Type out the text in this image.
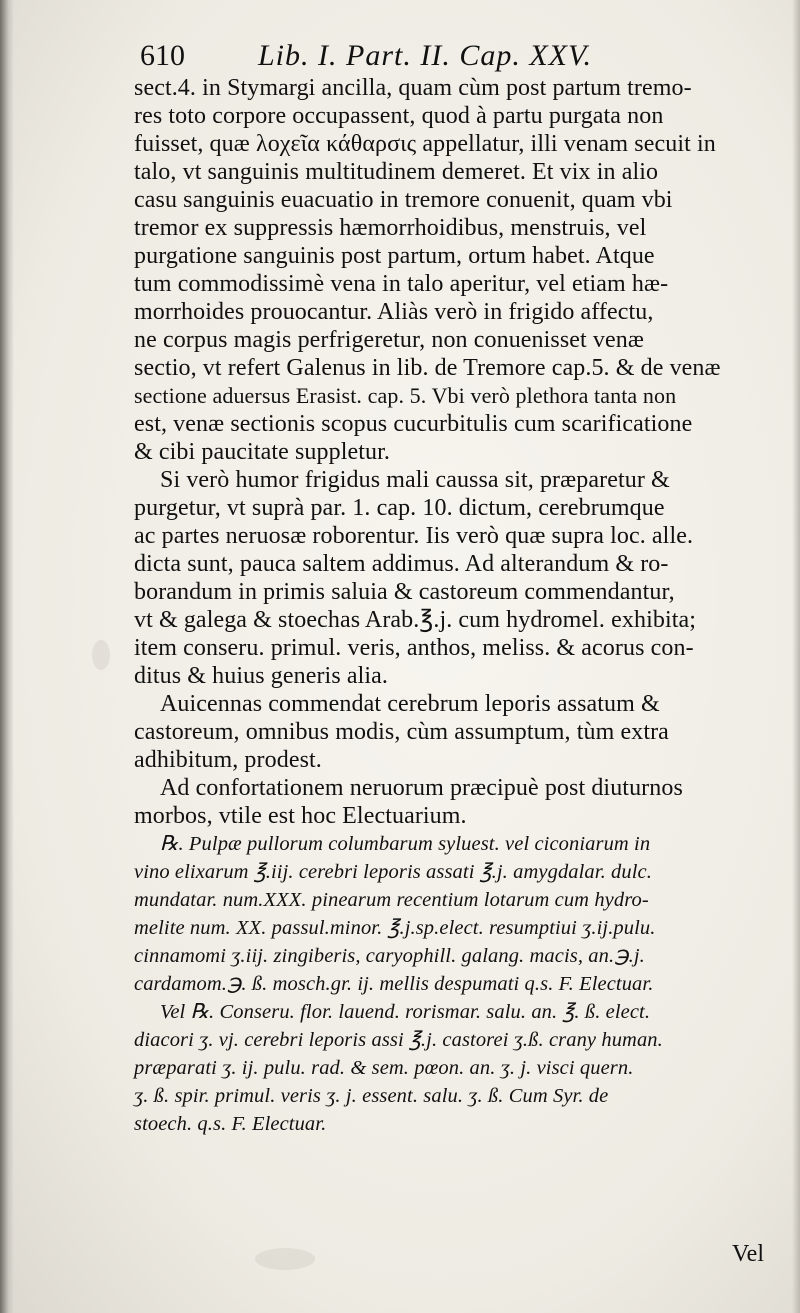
610 Lib. I. Part. II. Cap. XXV.
sect.4. in Stymargi ancilla, quam cùm post partum tremo-
res toto corpore occupassent, quod à partu purgata non
fuisset, quæ λοχεῖα κάθαρσις appellatur, illi venam secuit in
talo, vt sanguinis multitudinem demeret. Et vix in alio
casu sanguinis euacuatio in tremore conuenit, quam vbi
tremor ex suppressis hæmorrhoidibus, menstruis, vel
purgatione sanguinis post partum, ortum habet. Atque
tum commodissimè vena in talo aperitur, vel etiam hæ-
morrhoides prouocantur. Aliàs verò in frigido affectu,
ne corpus magis perfrigeretur, non conuenisset venæ
sectio, vt refert Galenus in lib. de Tremore cap.5. & de venæ
sectione aduersus Erasist. cap. 5. Vbi verò plethora tanta non
est, venæ sectionis scopus cucurbitulis cum scarificatione
& cibi paucitate suppletur.
Si verò humor frigidus mali caussa sit, præparetur &
purgetur, vt suprà par. 1. cap. 10. dictum, cerebrumque
ac partes neruosæ roborentur. Iis verò quæ supra loc. alle.
dicta sunt, pauca saltem addimus. Ad alterandum & ro-
borandum in primis saluia & castoreum commendantur,
vt & galega & stoechas Arab.℥.j. cum hydromel. exhibita;
item conseru. primul. veris, anthos, meliss. & acorus con-
ditus & huius generis alia.
Auicennas commendat cerebrum leporis assatum &
castoreum, omnibus modis, cùm assumptum, tùm extra
adhibitum, prodest.
Ad confortationem neruorum præcipuè post diuturnos
morbos, vtile est hoc Electuarium.
℞. Pulpæ pullorum columbarum syluest. vel ciconiarum in
vino elixarum ℥.iij. cerebri leporis assati ℥.j. amygdalar. dulc.
mundatar. num.XXX. pinearum recentium lotarum cum hydro-
melite num. XX. passul.minor. ℥.j.sp.elect. resumptiui ʒ.ij.pulu.
cinnamomi ʒ.iij. zingiberis, caryophill. galang. macis, an.℈.j.
cardamom.℈. ß. mosch.gr. ij. mellis despumati q.s. F. Electuar.
Vel ℞. Conseru. flor. lauend. rorismar. salu. an. ℥. ß. elect.
diacori ʒ. vj. cerebri leporis assi ℥.j. castorei ʒ.ß. crany human.
præparati ʒ. ij. pulu. rad. & sem. pœon. an. ʒ. j. visci quern.
ʒ. ß. spir. primul. veris ʒ. j. essent. salu. ʒ. ß. Cum Syr. de
stoech. q.s. F. Electuar.
Vel
